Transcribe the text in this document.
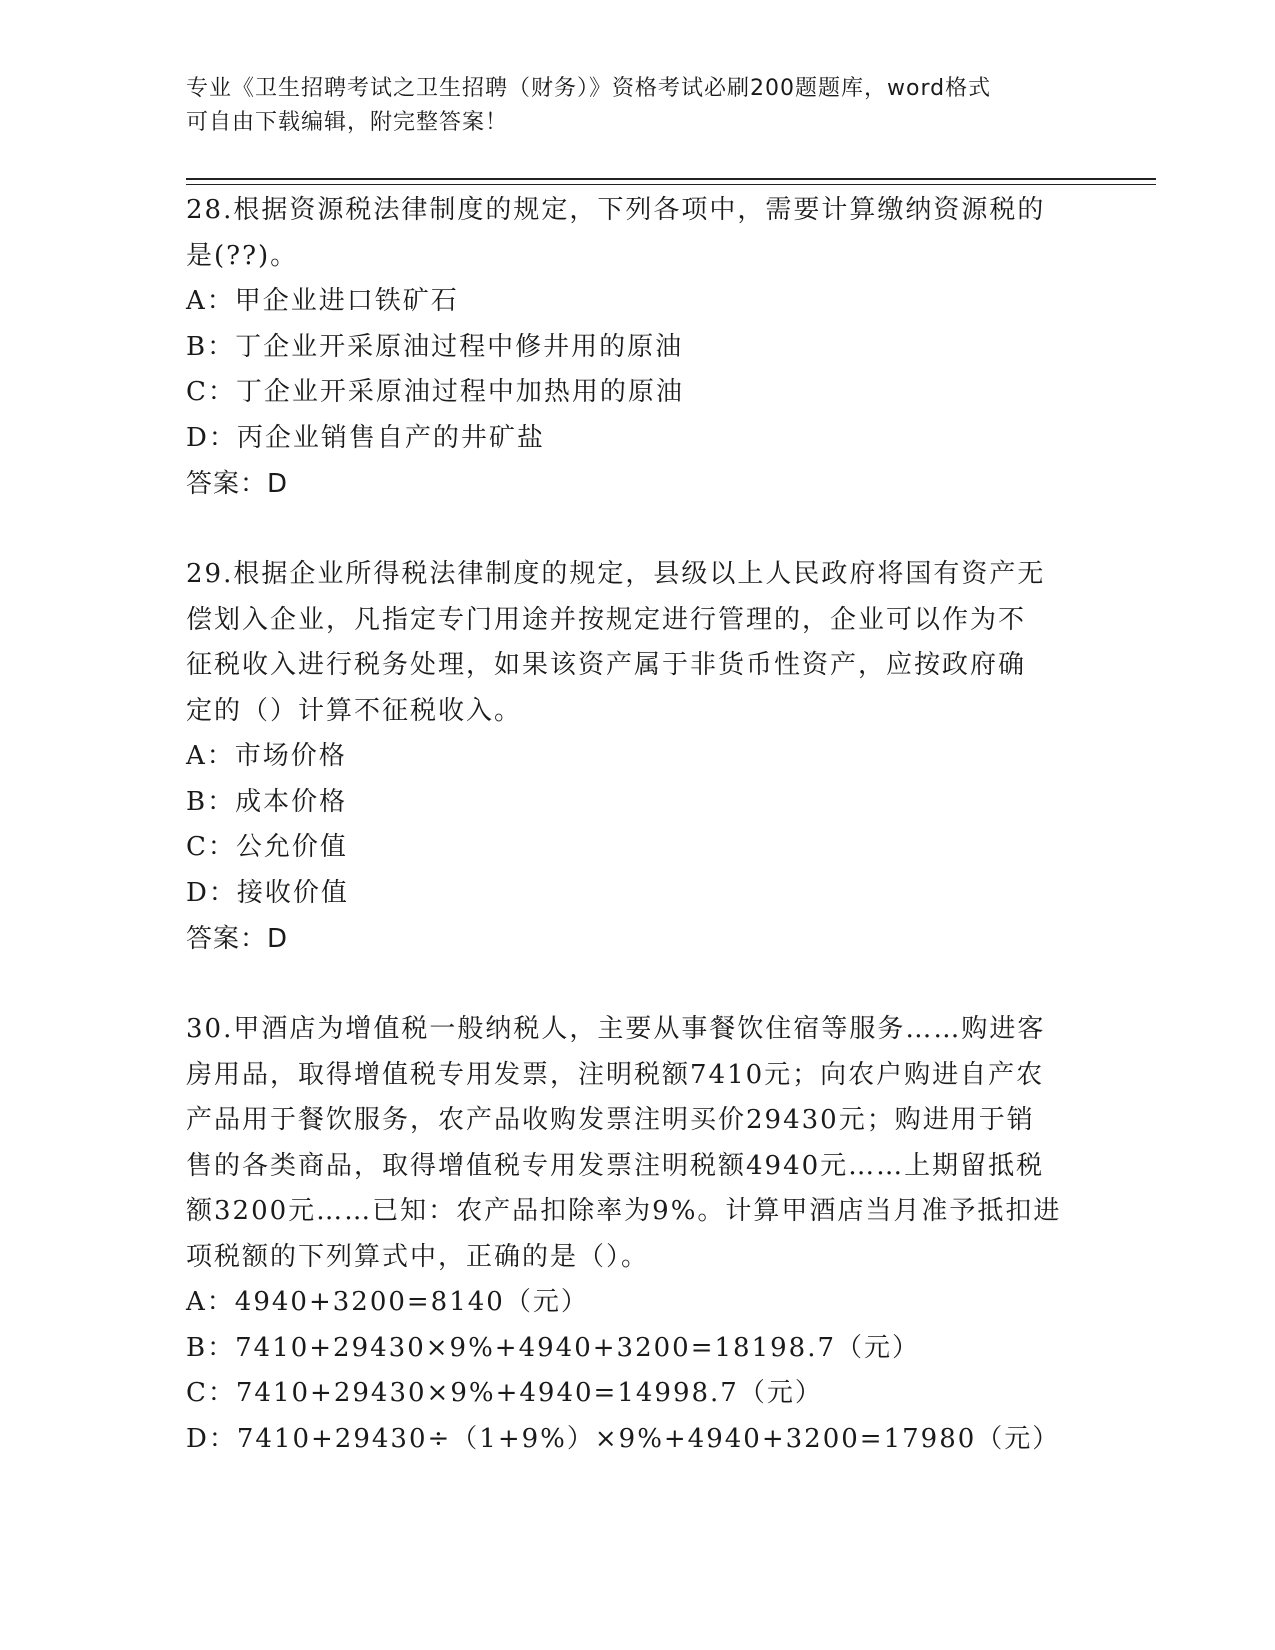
专业《卫生招聘考试之卫生招聘（财务）》资格考试必刷200题题库，word格式
可自由下载编辑，附完整答案！

28.根据资源税法律制度的规定，下列各项中，需要计算缴纳资源税的

是(??)。

A：甲企业进口铁矿石

B：丁企业开采原油过程中修井用的原油

C：丁企业开采原油过程中加热用的原油

D：丙企业销售自产的井矿盐

答案：D

29.根据企业所得税法律制度的规定，县级以上人民政府将国有资产无

偿划入企业，凡指定专门用途并按规定进行管理的，企业可以作为不

征税收入进行税务处理，如果该资产属于非货币性资产，应按政府确

定的（）计算不征税收入。

A：市场价格

B：成本价格

C：公允价值

D：接收价值

答案：D

30.甲酒店为增值税一般纳税人，主要从事餐饮住宿等服务……购进客

房用品，取得增值税专用发票，注明税额7410元；向农户购进自产农

产品用于餐饮服务，农产品收购发票注明买价29430元；购进用于销

售的各类商品，取得增值税专用发票注明税额4940元……上期留抵税

额3200元……已知：农产品扣除率为9%。计算甲酒店当月准予抵扣进

项税额的下列算式中，正确的是（）。

A：4940+3200=8140（元）

B：7410+29430×9%+4940+3200=18198.7（元）

C：7410+29430×9%+4940=14998.7（元）

D：7410+29430÷（1+9%）×9%+4940+3200=17980（元）
